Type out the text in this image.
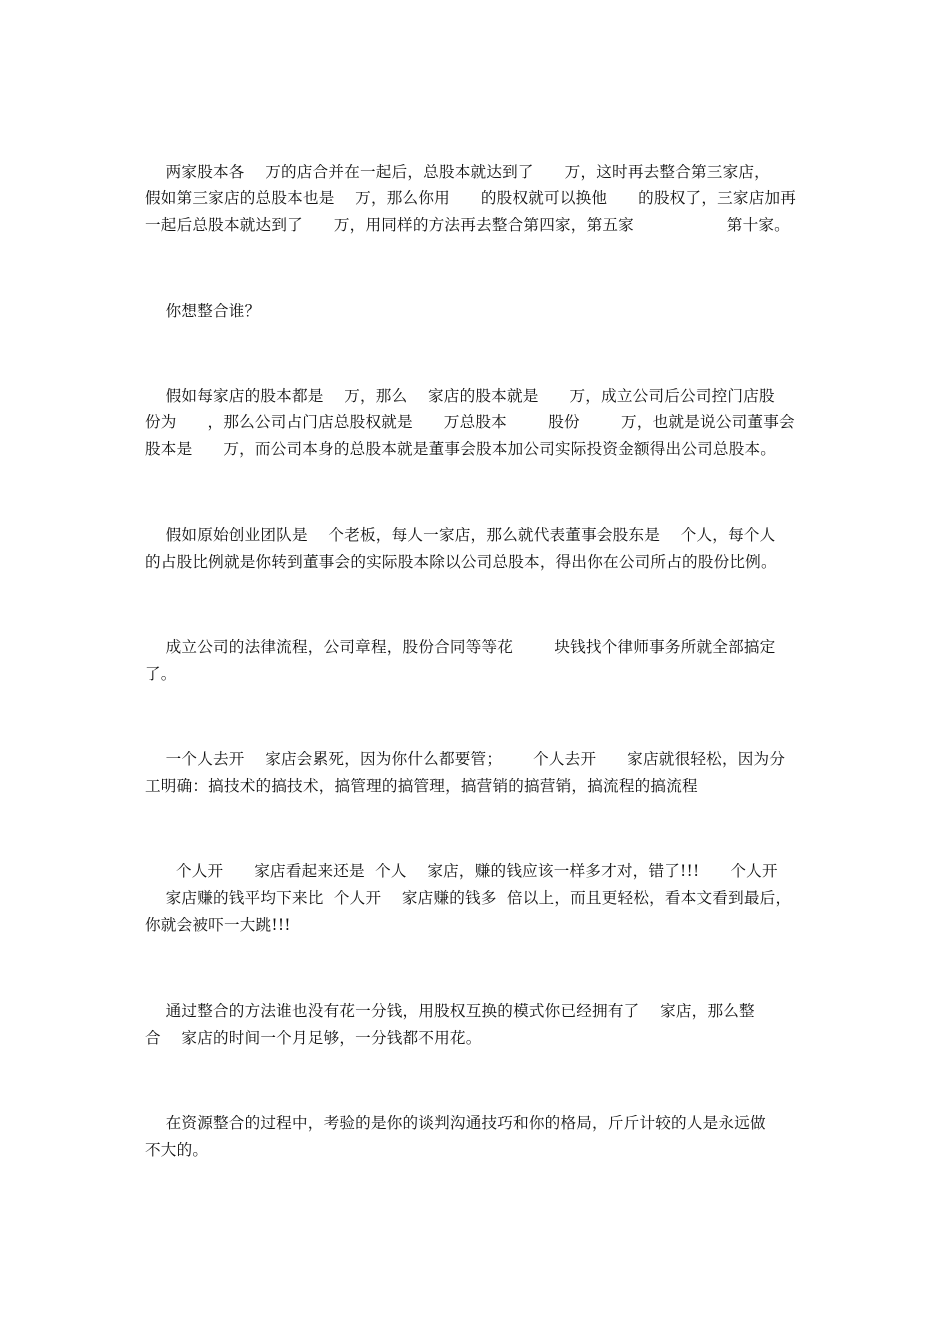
两家股本各    万的店合并在一起后，总股本就达到了      万，这时再去整合第三家店，

假如第三家店的总股本也是    万，那么你用      的股权就可以换他      的股权了，三家店加再

一起后总股本就达到了      万，用同样的方法再去整合第四家，第五家                  第十家。

你想整合谁？

假如每家店的股本都是    万，那么    家店的股本就是      万，成立公司后公司控门店股

份为      ，那么公司占门店总股权就是      万总股本        股份        万，也就是说公司董事会

股本是      万，而公司本身的总股本就是董事会股本加公司实际投资金额得出公司总股本。

假如原始创业团队是    个老板，每人一家店，那么就代表董事会股东是    个人，每个人

的占股比例就是你转到董事会的实际股本除以公司总股本，得出你在公司所占的股份比例。

成立公司的法律流程，公司章程，股份合同等等花        块钱找个律师事务所就全部搞定

了。

一个人去开    家店会累死，因为你什么都要管；      个人去开      家店就很轻松，因为分

工明确：搞技术的搞技术，搞管理的搞管理，搞营销的搞营销，搞流程的搞流程

个人开      家店看起来还是  个人    家店，赚的钱应该一样多才对，错了!!!      个人开

家店赚的钱平均下来比  个人开    家店赚的钱多  倍以上，而且更轻松，看本文看到最后，

你就会被吓一大跳!!!

通过整合的方法谁也没有花一分钱，用股权互换的模式你已经拥有了    家店，那么整

合    家店的时间一个月足够，一分钱都不用花。

在资源整合的过程中，考验的是你的谈判沟通技巧和你的格局，斤斤计较的人是永远做

不大的。
